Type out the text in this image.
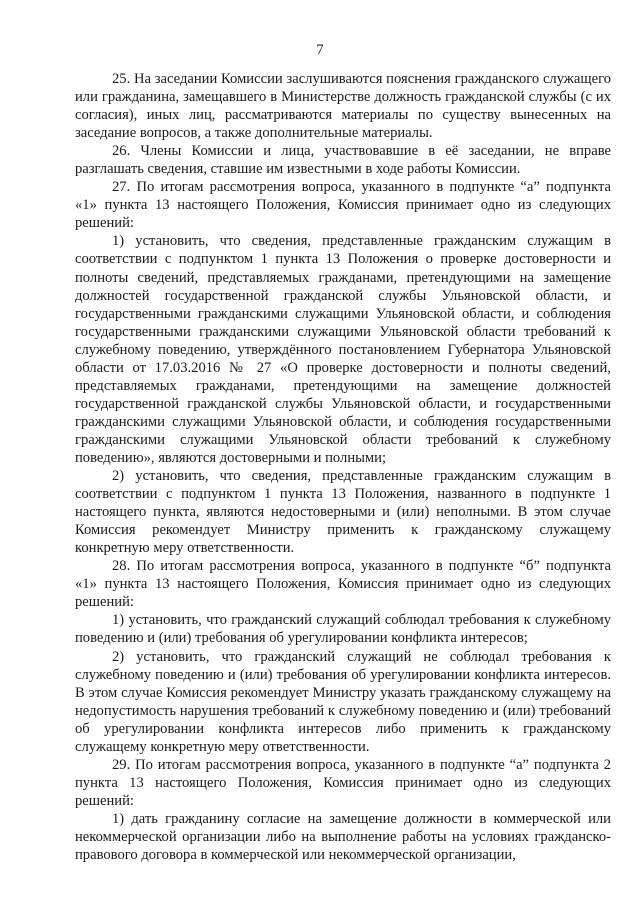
7

25. На заседании Комиссии заслушиваются пояснения гражданского служащего или гражданина, замещавшего в Министерстве должность гражданской службы (с их согласия), иных лиц, рассматриваются материалы по существу вынесенных на заседание вопросов, а также дополнительные материалы.

26. Члены Комиссии и лица, участвовавшие в её заседании, не вправе разглашать сведения, ставшие им известными в ходе работы Комиссии.

27. По итогам рассмотрения вопроса, указанного в подпункте “а” подпункта «1» пункта 13 настоящего Положения, Комиссия принимает одно из следующих решений:

1) установить, что сведения, представленные гражданским служащим в соответствии с подпунктом 1 пункта 13 Положения о проверке достоверности и полноты сведений, представляемых гражданами, претендующими на замещение должностей государственной гражданской службы Ульяновской области, и государственными гражданскими служащими Ульяновской области, и соблюдения государственными гражданскими служащими Ульяновской области требований к служебному поведению, утверждённого постановлением Губернатора Ульяновской области от 17.03.2016 № 27 «О проверке достоверности и полноты сведений, представляемых гражданами, претендующими на замещение должностей государственной гражданской службы Ульяновской области, и государственными гражданскими служащими Ульяновской области, и соблюдения государственными гражданскими служащими Ульяновской области требований к служебному поведению», являются достоверными и полными;

2) установить, что сведения, представленные гражданским служащим в соответствии с подпунктом 1 пункта 13 Положения, названного в подпункте 1 настоящего пункта, являются недостоверными и (или) неполными. В этом случае Комиссия рекомендует Министру применить к гражданскому служащему конкретную меру ответственности.

28. По итогам рассмотрения вопроса, указанного в подпункте “б” подпункта «1» пункта 13 настоящего Положения, Комиссия принимает одно из следующих решений:

1) установить, что гражданский служащий соблюдал требования к служебному поведению и (или) требования об урегулировании конфликта интересов;

2) установить, что гражданский служащий не соблюдал требования к служебному поведению и (или) требования об урегулировании конфликта интересов. В этом случае Комиссия рекомендует Министру указать гражданскому служащему на недопустимость нарушения требований к служебному поведению и (или) требований об урегулировании конфликта интересов либо применить к гражданскому служащему конкретную меру ответственности.

29. По итогам рассмотрения вопроса, указанного в подпункте “а” подпункта 2 пункта 13 настоящего Положения, Комиссия принимает одно из следующих решений:

1) дать гражданину согласие на замещение должности в коммерческой или некоммерческой организации либо на выполнение работы на условиях гражданско-правового договора в коммерческой или некоммерческой организации,
